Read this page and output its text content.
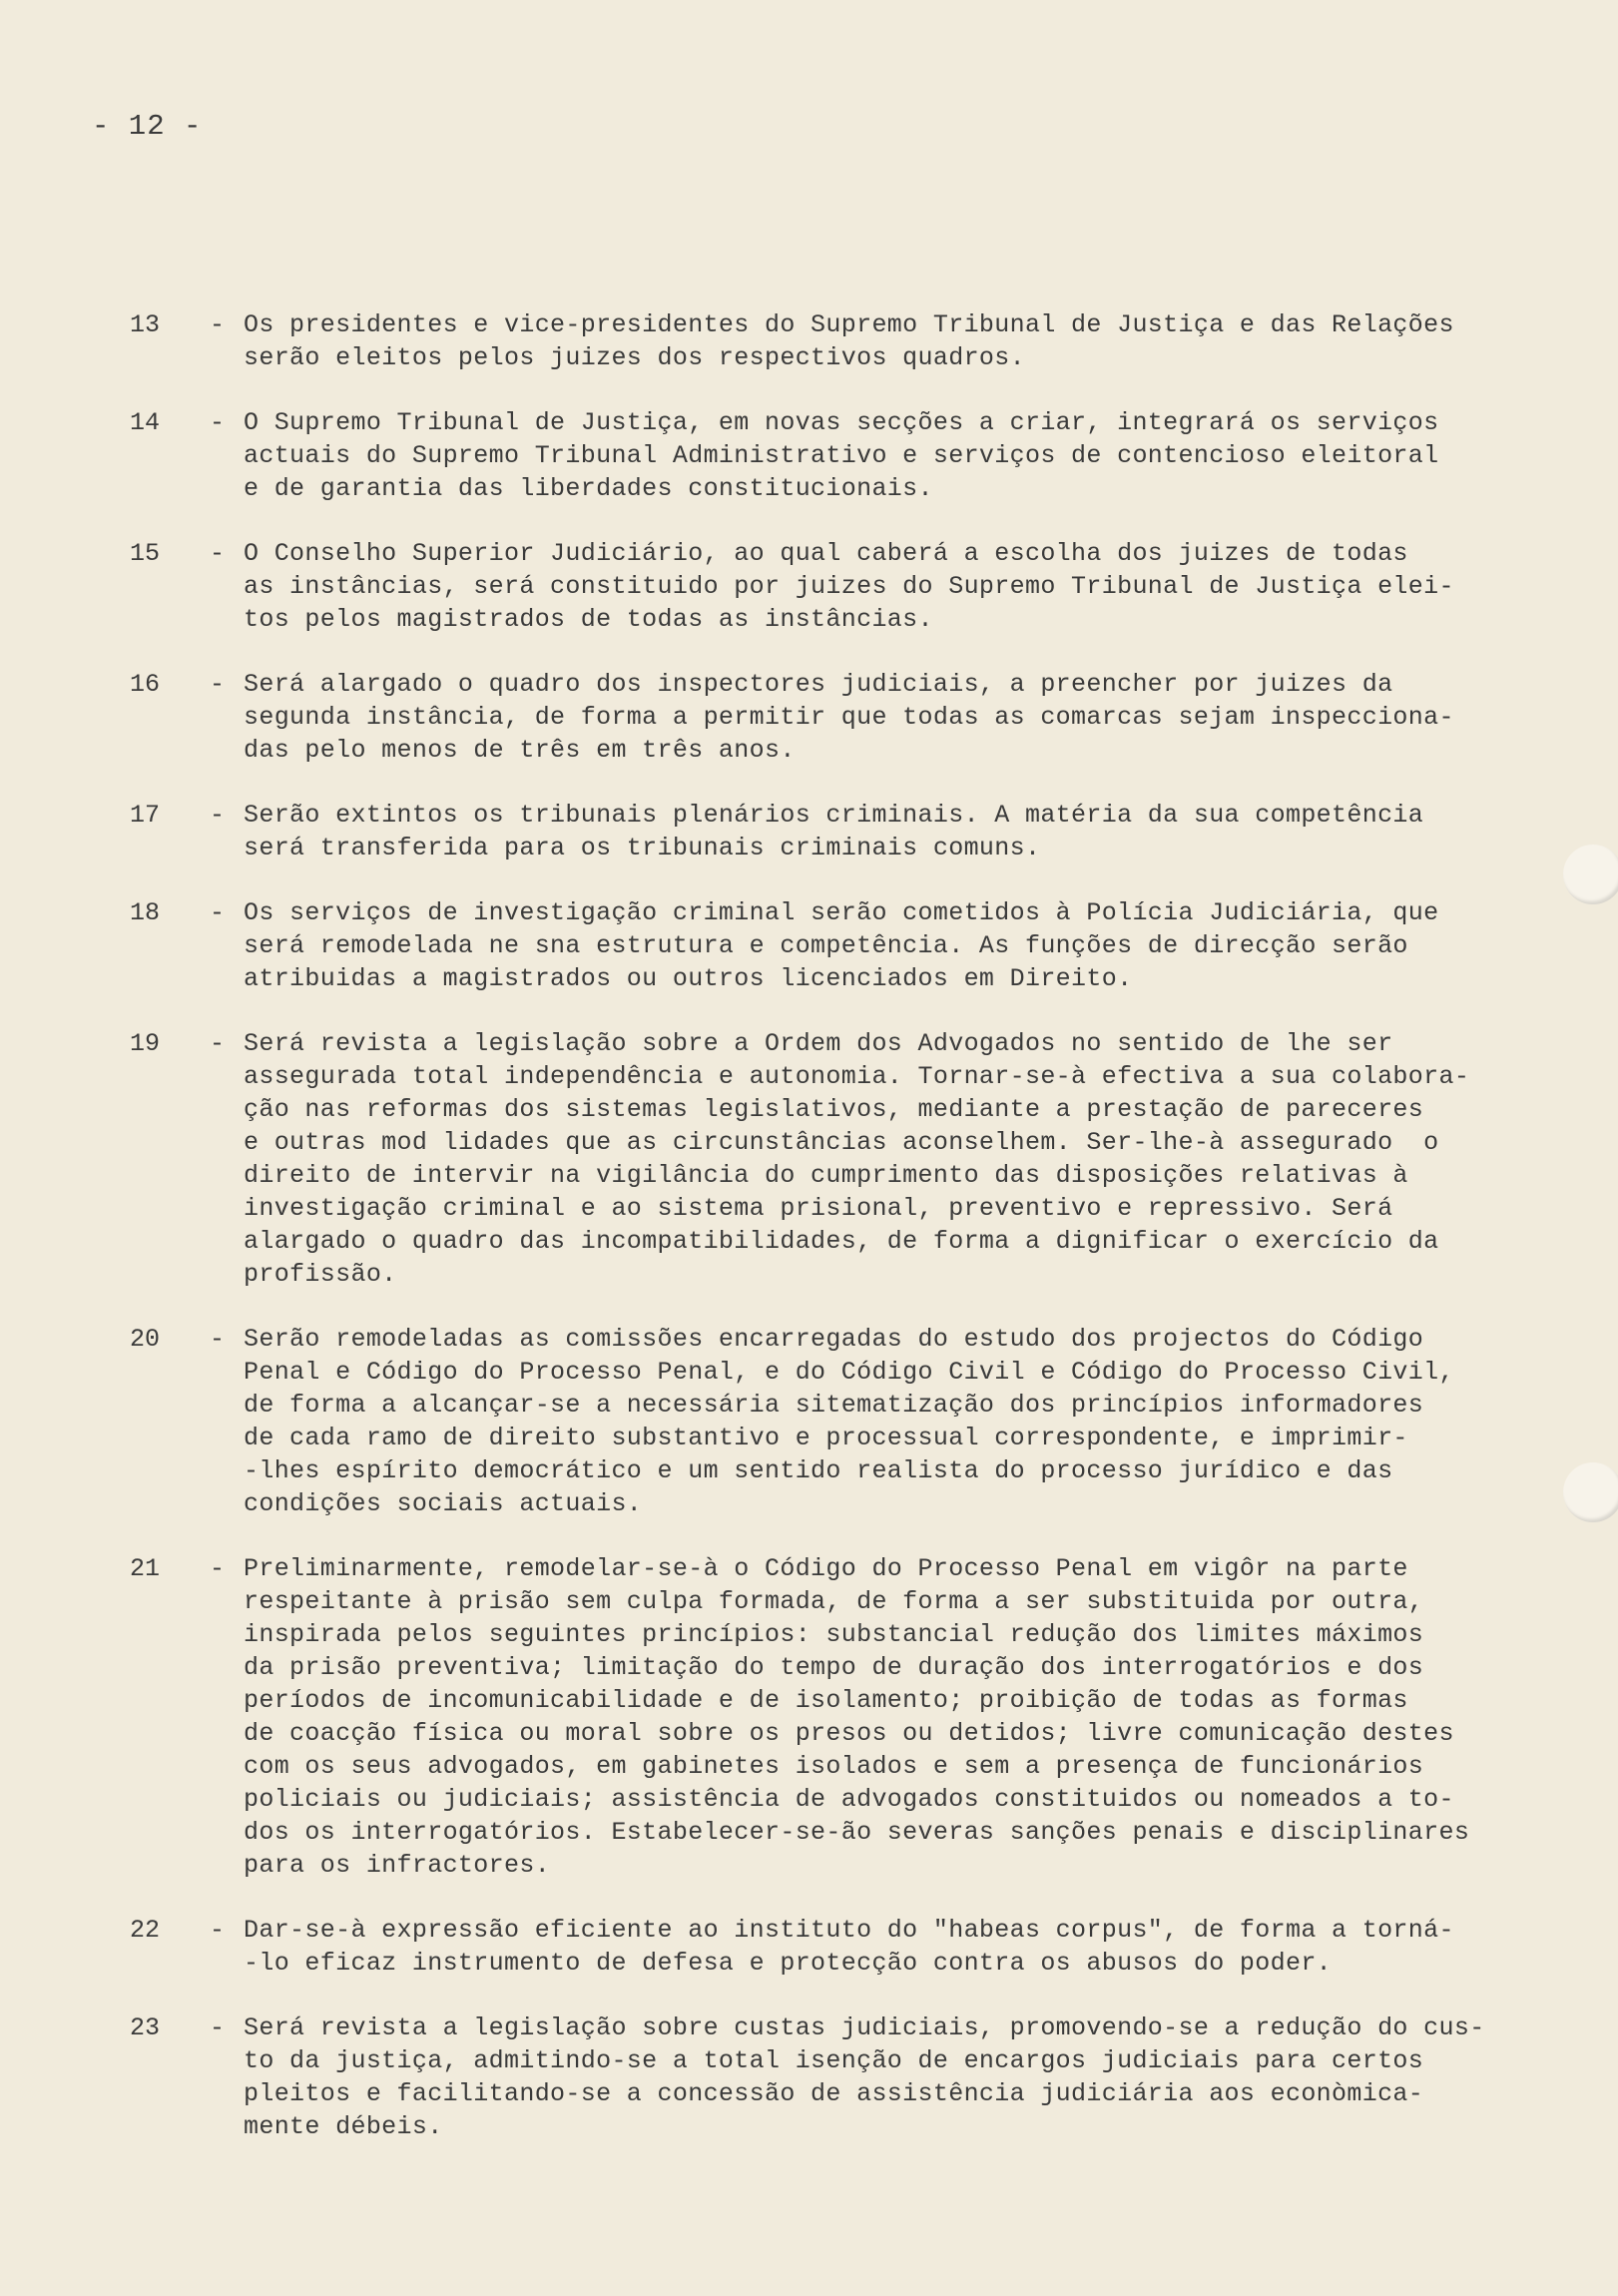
- 12 -
13	- Os presidentes e vice-presidentes do Supremo Tribunal de Justiça e das Relações
serão eleitos pelos juizes dos respectivos quadros.
14	- O Supremo Tribunal de Justiça, em novas secções a criar, integrará os serviços
actuais do Supremo Tribunal Administrativo e serviços de contencioso eleitoral
e de garantia das liberdades constitucionais.
15	- O Conselho Superior Judiciário, ao qual caberá a escolha dos juizes de todas
as instâncias, será constituido por juizes do Supremo Tribunal de Justiça elei-
tos pelos magistrados de todas as instâncias.
16	- Será alargado o quadro dos inspectores judiciais, a preencher por juizes da
segunda instância, de forma a permitir que todas as comarcas sejam inspecciona-
das pelo menos de três em três anos.
17	- Serão extintos os tribunais plenários criminais. A matéria da sua competência
será transferida para os tribunais criminais comuns.
18	- Os serviços de investigação criminal serão cometidos à Polícia Judiciária, que
será remodelada ne sna estrutura e competência. As funções de direcção serão
atribuidas a magistrados ou outros licenciados em Direito.
19	- Será revista a legislação sobre a Ordem dos Advogados no sentido de lhe ser
assegurada total independência e autonomia. Tornar-se-à efectiva a sua colabora-
ção nas reformas dos sistemas legislativos, mediante a prestação de pareceres
e outras mod lidades que as circunstâncias aconselhem. Ser-lhe-à assegurado  o
direito de intervir na vigilância do cumprimento das disposições relativas à
investigação criminal e ao sistema prisional, preventivo e repressivo. Será
alargado o quadro das incompatibilidades, de forma a dignificar o exercício da
profissão.
20	- Serão remodeladas as comissões encarregadas do estudo dos projectos do Código
Penal e Código do Processo Penal, e do Código Civil e Código do Processo Civil,
de forma a alcançar-se a necessária sitematização dos princípios informadores
de cada ramo de direito substantivo e processual correspondente, e imprimir-
-lhes espírito democrático e um sentido realista do processo jurídico e das
condições sociais actuais.
21	- Preliminarmente, remodelar-se-à o Código do Processo Penal em vigôr na parte
respeitante à prisão sem culpa formada, de forma a ser substituida por outra,
inspirada pelos seguintes princípios: substancial redução dos limites máximos
da prisão preventiva; limitação do tempo de duração dos interrogatórios e dos
períodos de incomunicabilidade e de isolamento; proibição de todas as formas
de coacção física ou moral sobre os presos ou detidos; livre comunicação destes
com os seus advogados, em gabinetes isolados e sem a presença de funcionários
policiais ou judiciais; assistência de advogados constituidos ou nomeados a to-
dos os interrogatórios. Estabelecer-se-ão severas sanções penais e disciplinares
para os infractores.
22	- Dar-se-à expressão eficiente ao instituto do "habeas corpus", de forma a torná-
-lo eficaz instrumento de defesa e protecção contra os abusos do poder.
23	- Será revista a legislação sobre custas judiciais, promovendo-se a redução do cus-
to da justiça, admitindo-se a total isenção de encargos judiciais para certos
pleitos e facilitando-se a concessão de assistência judiciária aos econòmica-
mente débeis.
